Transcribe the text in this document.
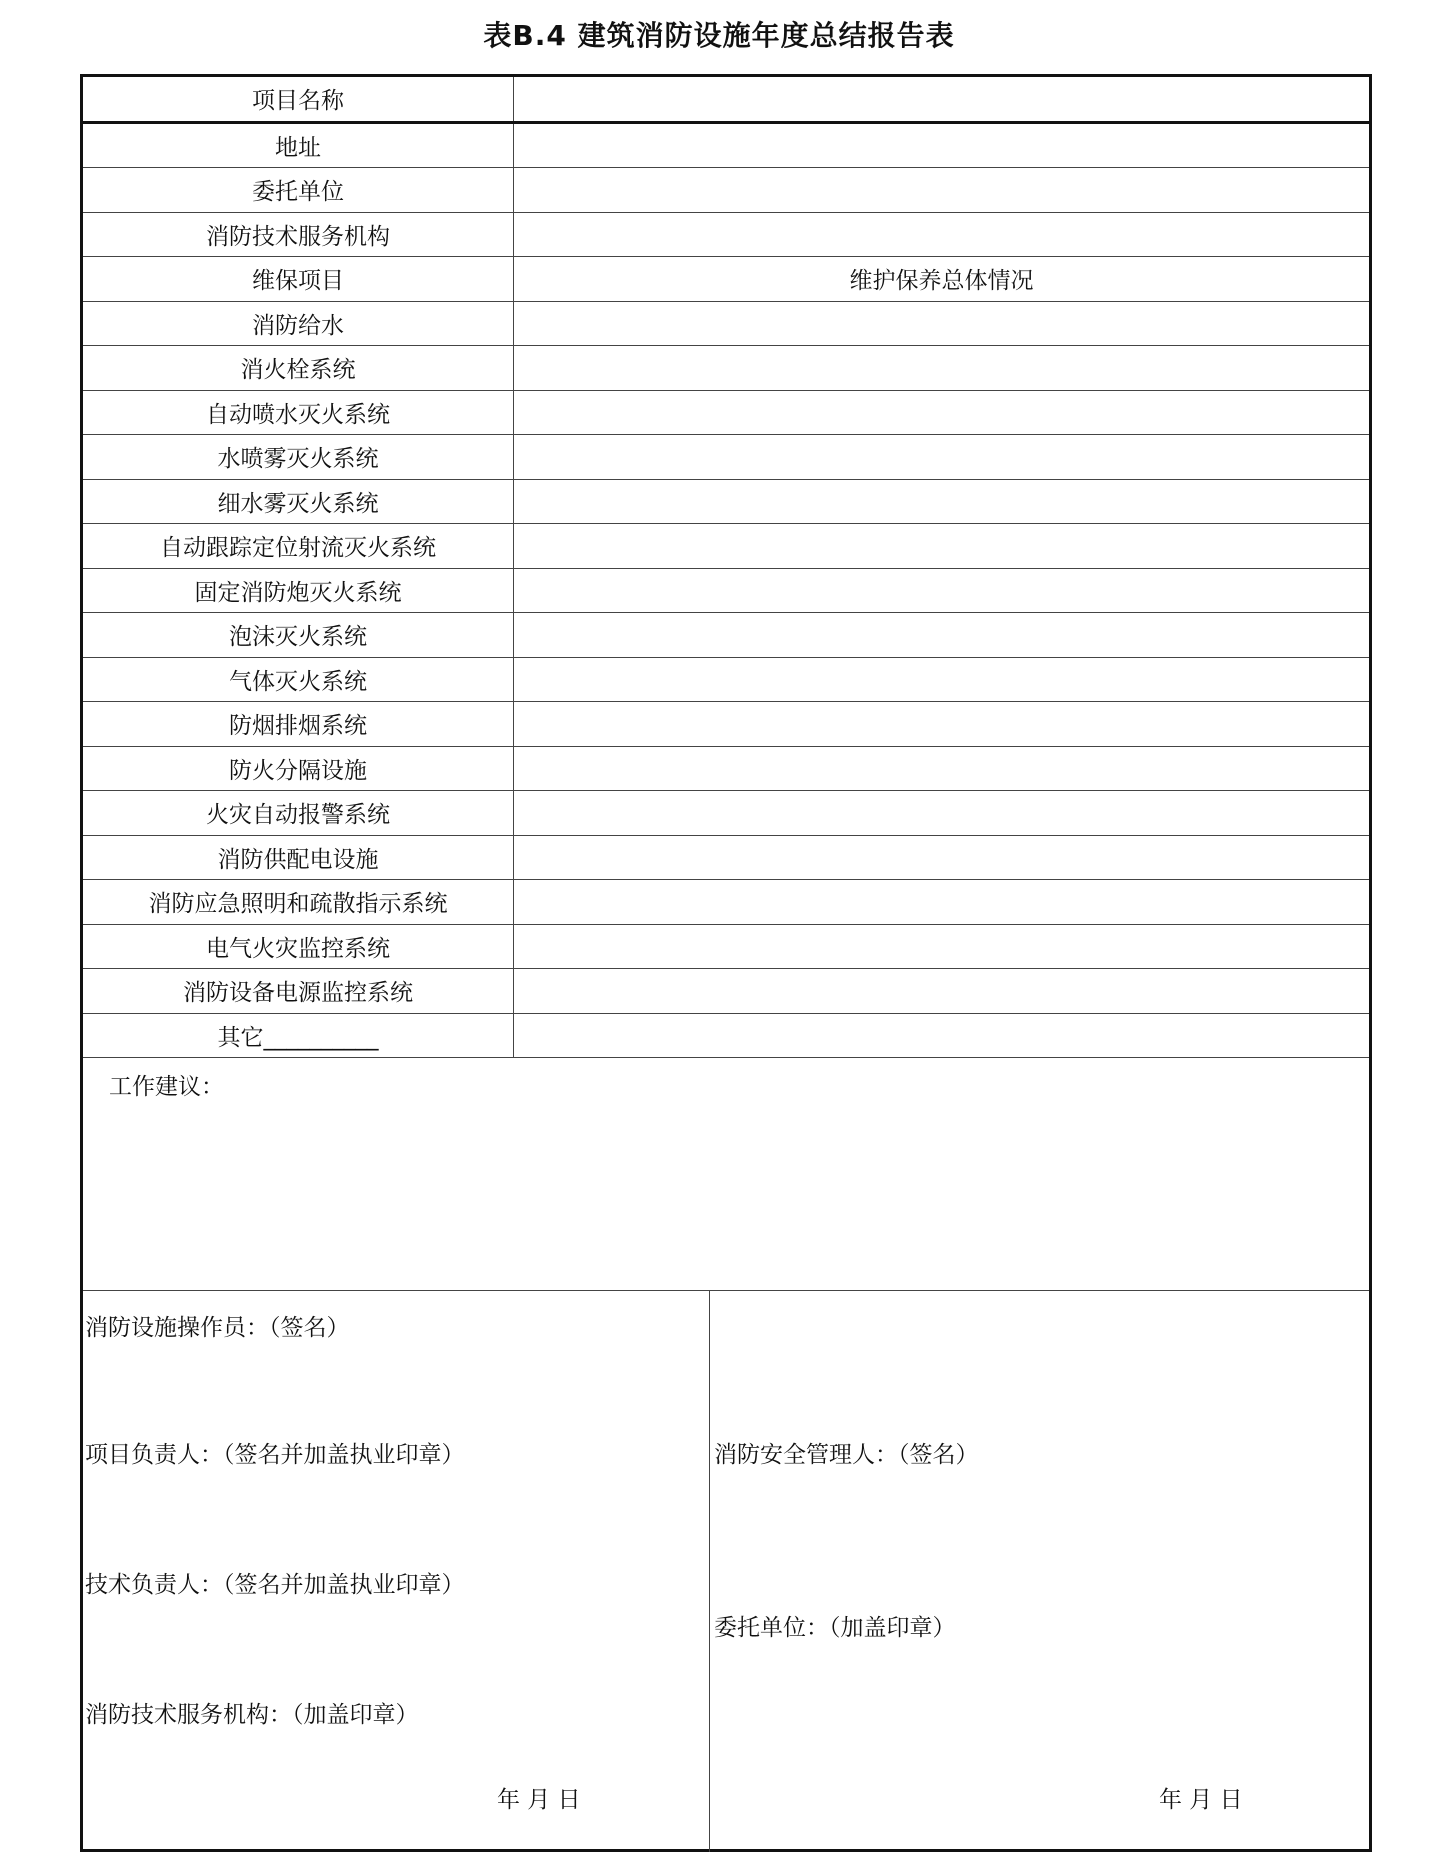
表B.4 建筑消防设施年度总结报告表
项目名称	
地址	
委托单位	
消防技术服务机构	
维保项目	维护保养总体情况
消防给水	
消火栓系统	
自动喷水灭火系统	
水喷雾灭火系统	
细水雾灭火系统	
自动跟踪定位射流灭火系统	
固定消防炮灭火系统	
泡沫灭火系统	
气体灭火系统	
防烟排烟系统	
防火分隔设施	
火灾自动报警系统	
消防供配电设施	
消防应急照明和疏散指示系统	
电气火灾监控系统	
消防设备电源监控系统	
其它__________	
工作建议：
消防设施操作员：（签名）
项目负责人：（签名并加盖执业印章）
技术负责人：（签名并加盖执业印章）
消防技术服务机构：（加盖印章）
年 月 日
消防安全管理人：（签名）
委托单位：（加盖印章）
年 月 日
